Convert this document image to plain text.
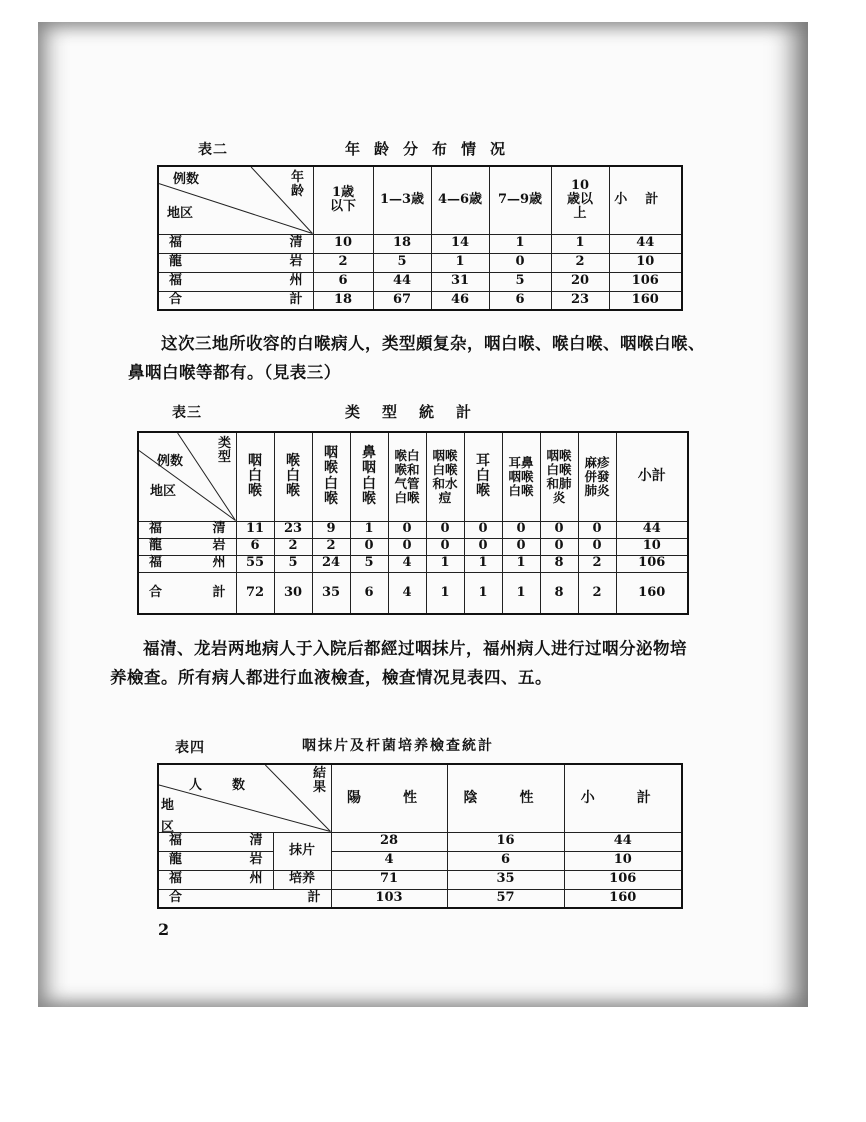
表二	年龄分布情况
年龄
例数
地区	1歳以下	1—3歳	4—6歳	7—9歳	10歳以上	小計

福 清	10	18	14	1	1	44

龍 岩	2	5	1	0	2	10

福 州	6	44	31	5	20	106

合 計	18	67	46	6	23	160

这次三地所收容的白喉病人，类型頗复杂，咽白喉、喉白喉、咽喉白喉、鼻咽白喉等都有。（見表三）

表三	类型統計
类型
例数
地区	咽白喉	喉白喉	咽喉白喉	鼻咽白喉	喉白喉和气管白喉	咽喉白喉和水痘	耳白喉	耳鼻咽喉白喉	咽喉白喉和肺炎	麻疹併發肺炎	小計

福 清	11	23	9	1	0	0	0	0	0	0	44

龍 岩	6	2	2	0	0	0	0	0	0	0	10

福 州	55	5	24	5	4	1	1	1	8	2	106

合 計	72	30	35	6	4	1	1	1	8	2	160

福清、龙岩两地病人于入院后都經过咽抹片，福州病人进行过咽分泌物培养檢查。所有病人都进行血液檢查，檢查情况見表四、五。

表四	咽抹片及杆菌培养檢查統計
結果
人数
地区		陽　性	陰　性	小　計

福 清	抹片	28	16	44

龍 岩		4	6	10

福 州	培养	71	35	106

合 計		103	57	160
2
